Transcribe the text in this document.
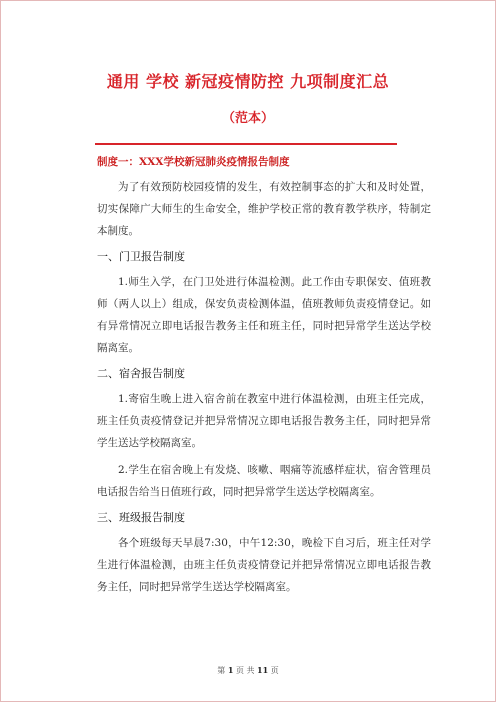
通用 学校 新冠疫情防控 九项制度汇总
（范本）
制度一：XXX学校新冠肺炎疫情报告制度

为了有效预防校园疫情的发生，有效控制事态的扩大和及时处置，切实保障广大师生的生命安全，维护学校正常的教育教学秩序，特制定本制度。

一、门卫报告制度

1.师生入学，在门卫处进行体温检测。此工作由专职保安、值班教师（两人以上）组成，保安负责检测体温，值班教师负责疫情登记。如有异常情况立即电话报告教务主任和班主任，同时把异常学生送达学校隔离室。

二、宿舍报告制度

1.寄宿生晚上进入宿舍前在教室中进行体温检测，由班主任完成，班主任负责疫情登记并把异常情况立即电话报告教务主任，同时把异常学生送达学校隔离室。

2.学生在宿舍晚上有发烧、咳嗽、咽痛等流感样症状，宿舍管理员电话报告给当日值班行政，同时把异常学生送达学校隔离室。

三、班级报告制度

各个班级每天早晨7:30，中午12:30，晚检下自习后，班主任对学生进行体温检测，由班主任负责疫情登记并把异常情况立即电话报告教务主任，同时把异常学生送达学校隔离室。

第 1 页 共 11 页
